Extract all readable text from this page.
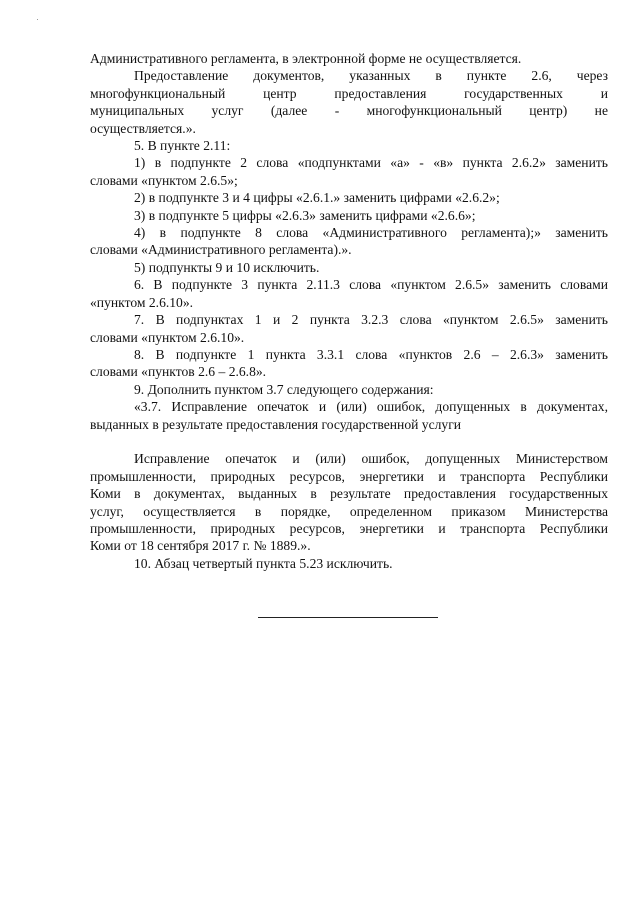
Административного регламента, в электронной форме не осуществляется.

Предоставление документов, указанных в пункте 2.6, через
многофункциональный центр предоставления государственных и
муниципальных услуг (далее - многофункциональный центр) не
осуществляется.».

5. В пункте 2.11:

1) в подпункте 2 слова «подпунктами «а» - «в» пункта 2.6.2» заменить
словами «пунктом 2.6.5»;

2) в подпункте 3 и 4 цифры «2.6.1.» заменить цифрами «2.6.2»;

3) в подпункте 5 цифры «2.6.3» заменить цифрами «2.6.6»;

4) в подпункте 8 слова «Административного регламента);» заменить
словами «Административного регламента).».

5) подпункты 9 и 10 исключить.

6. В подпункте 3 пункта 2.11.3 слова «пунктом 2.6.5» заменить словами
«пунктом 2.6.10».

7. В подпунктах 1 и 2 пункта 3.2.3 слова «пунктом 2.6.5» заменить
словами «пунктом 2.6.10».

8. В подпункте 1 пункта 3.3.1 слова «пунктов 2.6 – 2.6.3» заменить
словами «пунктов 2.6 – 2.6.8».

9. Дополнить пунктом 3.7 следующего содержания:

«3.7. Исправление опечаток и (или) ошибок, допущенных в документах,
выданных в результате предоставления государственной услуги

Исправление опечаток и (или) ошибок, допущенных Министерством
промышленности, природных ресурсов, энергетики и транспорта Республики
Коми в документах, выданных в результате предоставления государственных
услуг, осуществляется в порядке, определенном приказом Министерства
промышленности, природных ресурсов, энергетики и транспорта Республики
Коми от 18 сентября 2017 г. № 1889.».

10. Абзац четвертый пункта 5.23 исключить.
